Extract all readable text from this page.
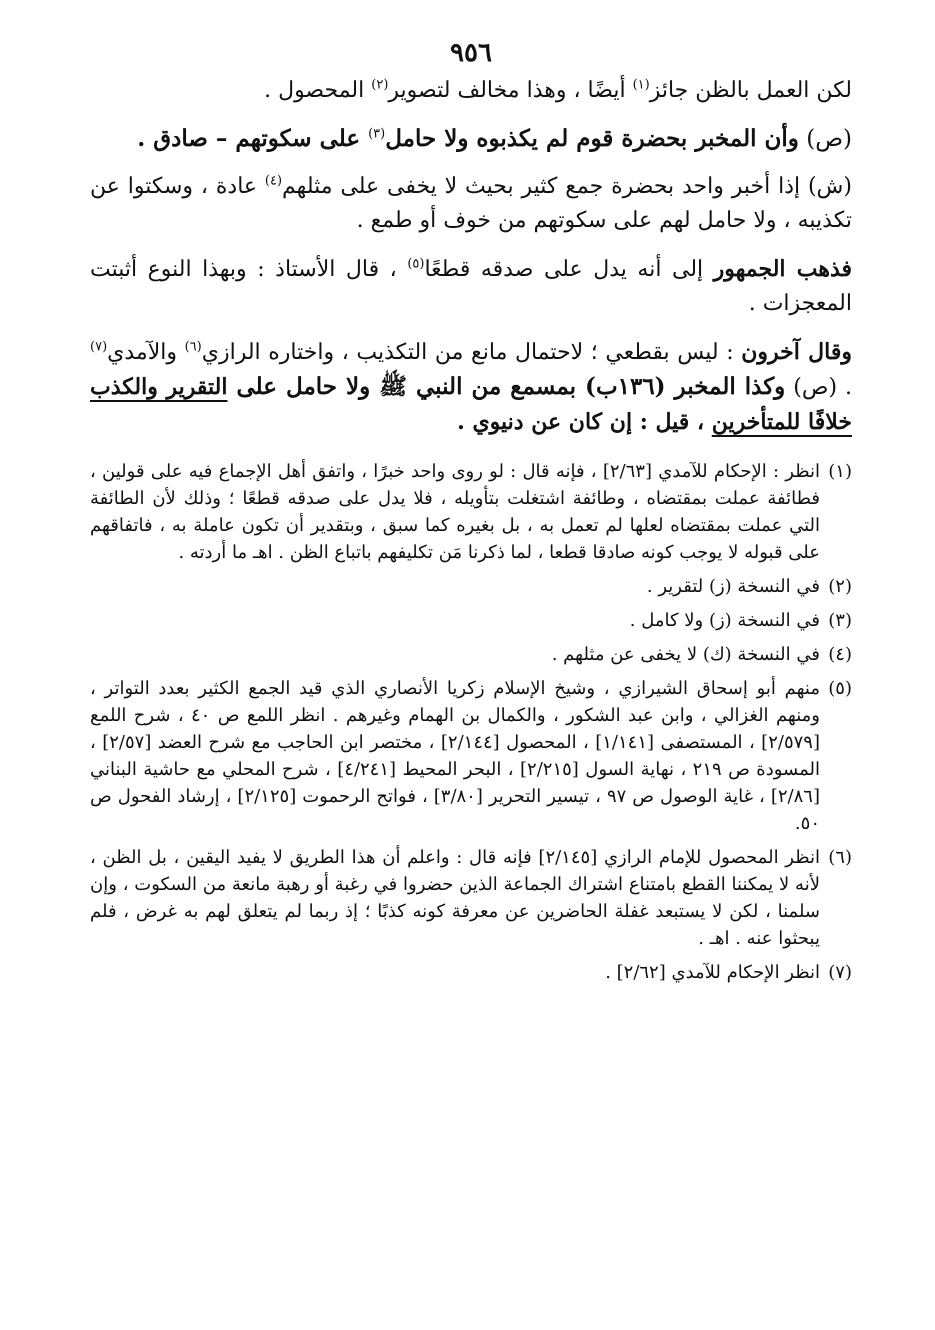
٩٥٦

لكن العمل بالظن جائز$^{(١)}$ أيضًا ، وهذا مخالف لتصوير$^{(٢)}$ المحصول .

(ص) وأن المخبر بحضرة قوم لم يكذبوه ولا حامل$^{(٣)}$ على سكوتهم – صادق .

(ش) إذا أخبر واحد بحضرة جمع كثير بحيث لا يخفى على مثلهم$^{(٤)}$ عادة ، وسكتوا عن تكذيبه ، ولا حامل لهم على سكوتهم من خوف أو طمع .

فذهب الجمهور إلى أنه يدل على صدقه قطعًا$^{(٥)}$ ، قال الأستاذ : وبهذا النوع أثبتت المعجزات .

وقال آخرون : ليس بقطعي ؛ لاحتمال مانع من التكذيب ، واختاره الرازي$^{(٦)}$ والآمدي$^{(٧)}$ . (ص) وكذا المخبر (١٣٦ب) بمسمع من النبي ﷺ ولا حامل على التقرير والكذب خلافًا للمتأخرين ، قيل : إن كان عن دنيوي .

(١)
انظر : الإحكام للآمدي [٢/٦٣] ، فإنه قال : لو روى واحد خبرًا ، واتفق أهل الإجماع فيه على قولين ، فطائفة عملت بمقتضاه ، وطائفة اشتغلت بتأويله ، فلا يدل على صدقه قطعًا ؛ وذلك لأن الطائفة التي عملت بمقتضاه لعلها لم تعمل به ، بل بغيره كما سبق ، وبتقدير أن تكون عاملة به ، فاتفاقهم على قبوله لا يوجب كونه صادقا قطعا ، لما ذكرنا مَن تكليفهم باتباع الظن . اهـ ما أردته .
(٢)
في النسخة (ز) لتقرير .
(٣)
في النسخة (ز) ولا كامل .
(٤)
في النسخة (ك) لا يخفى عن مثلهم .
(٥)
منهم أبو إسحاق الشيرازي ، وشيخ الإسلام زكريا الأنصاري الذي قيد الجمع الكثير بعدد التواتر ، ومنهم الغزالي ، وابن عبد الشكور ، والكمال بن الهمام وغيرهم . انظر اللمع ص ٤٠ ، شرح اللمع [٢/٥٧٩] ، المستصفى [١/١٤١] ، المحصول [٢/١٤٤] ، مختصر ابن الحاجب مع شرح العضد [٢/٥٧] ، المسودة ص ٢١٩ ، نهاية السول [٢/٢١٥] ، البحر المحيط [٤/٢٤١] ، شرح المحلي مع حاشية البناني [٢/٨٦] ، غاية الوصول ص ٩٧ ، تيسير التحرير [٣/٨٠] ، فواتح الرحموت [٢/١٢٥] ، إرشاد الفحول ص ٥٠.
(٦)
انظر المحصول للإمام الرازي [٢/١٤٥] فإنه قال : واعلم أن هذا الطريق لا يفيد اليقين ، بل الظن ، لأنه لا يمكننا القطع بامتناع اشتراك الجماعة الذين حضروا في رغبة أو رهبة مانعة من السكوت ، وإن سلمنا ، لكن لا يستبعد غفلة الحاضرين عن معرفة كونه كذبًا ؛ إذ ربما لم يتعلق لهم به غرض ، فلم يبحثوا عنه . اهـ .
(٧)
انظر الإحكام للآمدي [٢/٦٢] .
